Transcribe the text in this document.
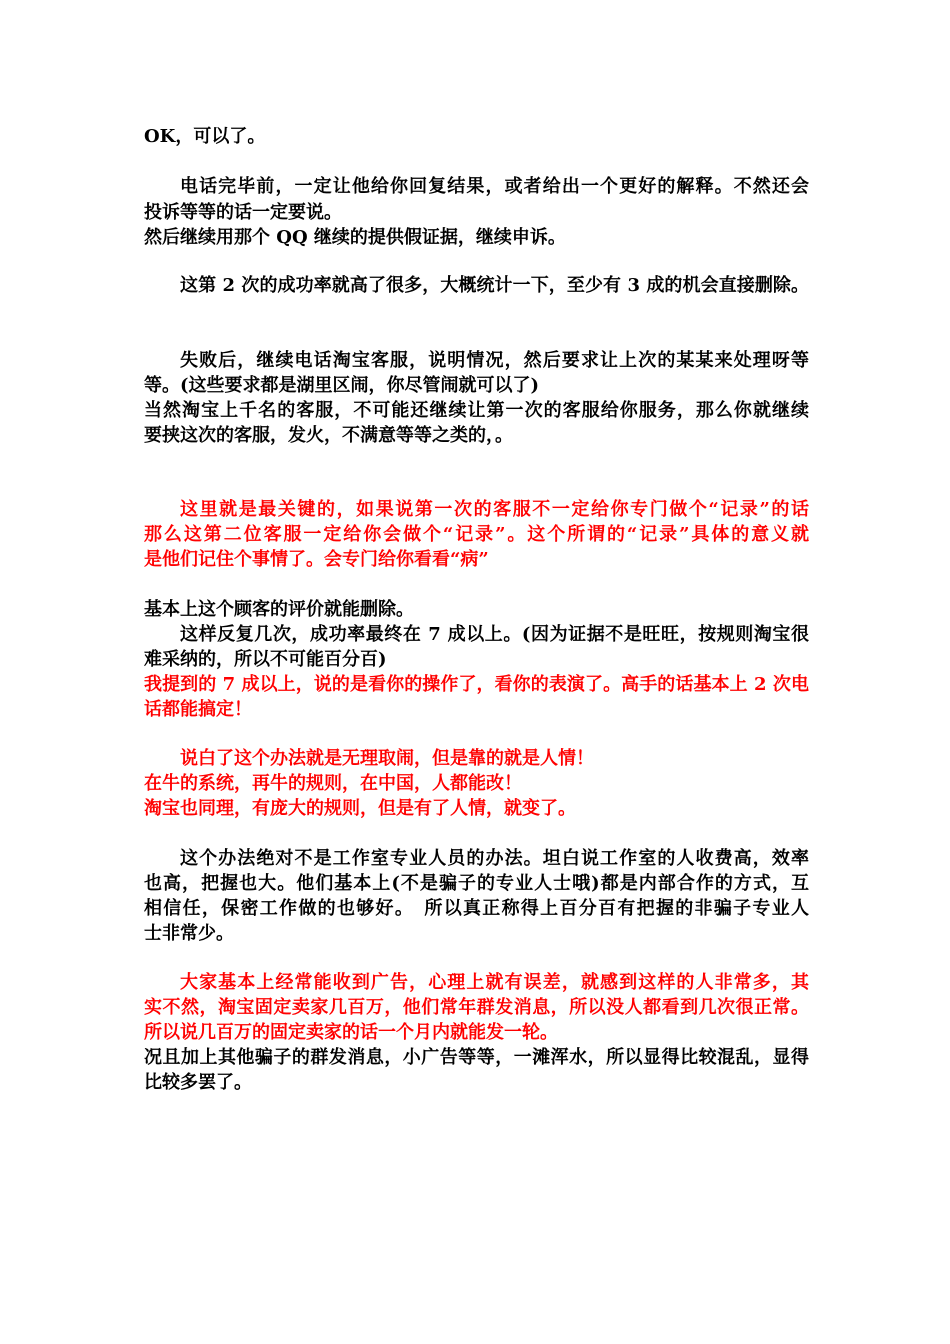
OK，可以了。
电话完毕前，一定让他给你回复结果，或者给出一个更好的解释。不然还会
投诉等等的话一定要说。
然后继续用那个 QQ 继续的提供假证据，继续申诉。
这第 2 次的成功率就高了很多，大概统计一下，至少有 3 成的机会直接删除。
失败后，继续电话淘宝客服，说明情况，然后要求让上次的某某来处理呀等
等。(这些要求都是湖里区闹，你尽管闹就可以了)
当然淘宝上千名的客服，不可能还继续让第一次的客服给你服务，那么你就继续
要挟这次的客服，发火，不满意等等之类的，。
这里就是最关键的，如果说第一次的客服不一定给你专门做个“记录”的话
那么这第二位客服一定给你会做个“记录”。这个所谓的“记录”具体的意义就
是他们记住个事情了。会专门给你看看“病”
基本上这个顾客的评价就能删除。
这样反复几次，成功率最终在 7 成以上。(因为证据不是旺旺，按规则淘宝很
难采纳的，所以不可能百分百)
我提到的 7 成以上，说的是看你的操作了，看你的表演了。高手的话基本上 2 次电
话都能搞定！
说白了这个办法就是无理取闹，但是靠的就是人情！
在牛的系统，再牛的规则，在中国，人都能改！
淘宝也同理，有庞大的规则，但是有了人情，就变了。
这个办法绝对不是工作室专业人员的办法。坦白说工作室的人收费高，效率
也高，把握也大。他们基本上(不是骗子的专业人士哦)都是内部合作的方式，互
相信任，保密工作做的也够好。　所以真正称得上百分百有把握的非骗子专业人
士非常少。
大家基本上经常能收到广告，心理上就有误差，就感到这样的人非常多，其
实不然，淘宝固定卖家几百万，他们常年群发消息，所以没人都看到几次很正常。
所以说几百万的固定卖家的话一个月内就能发一轮。
况且加上其他骗子的群发消息，小广告等等，一滩浑水，所以显得比较混乱，显得
比较多罢了。
